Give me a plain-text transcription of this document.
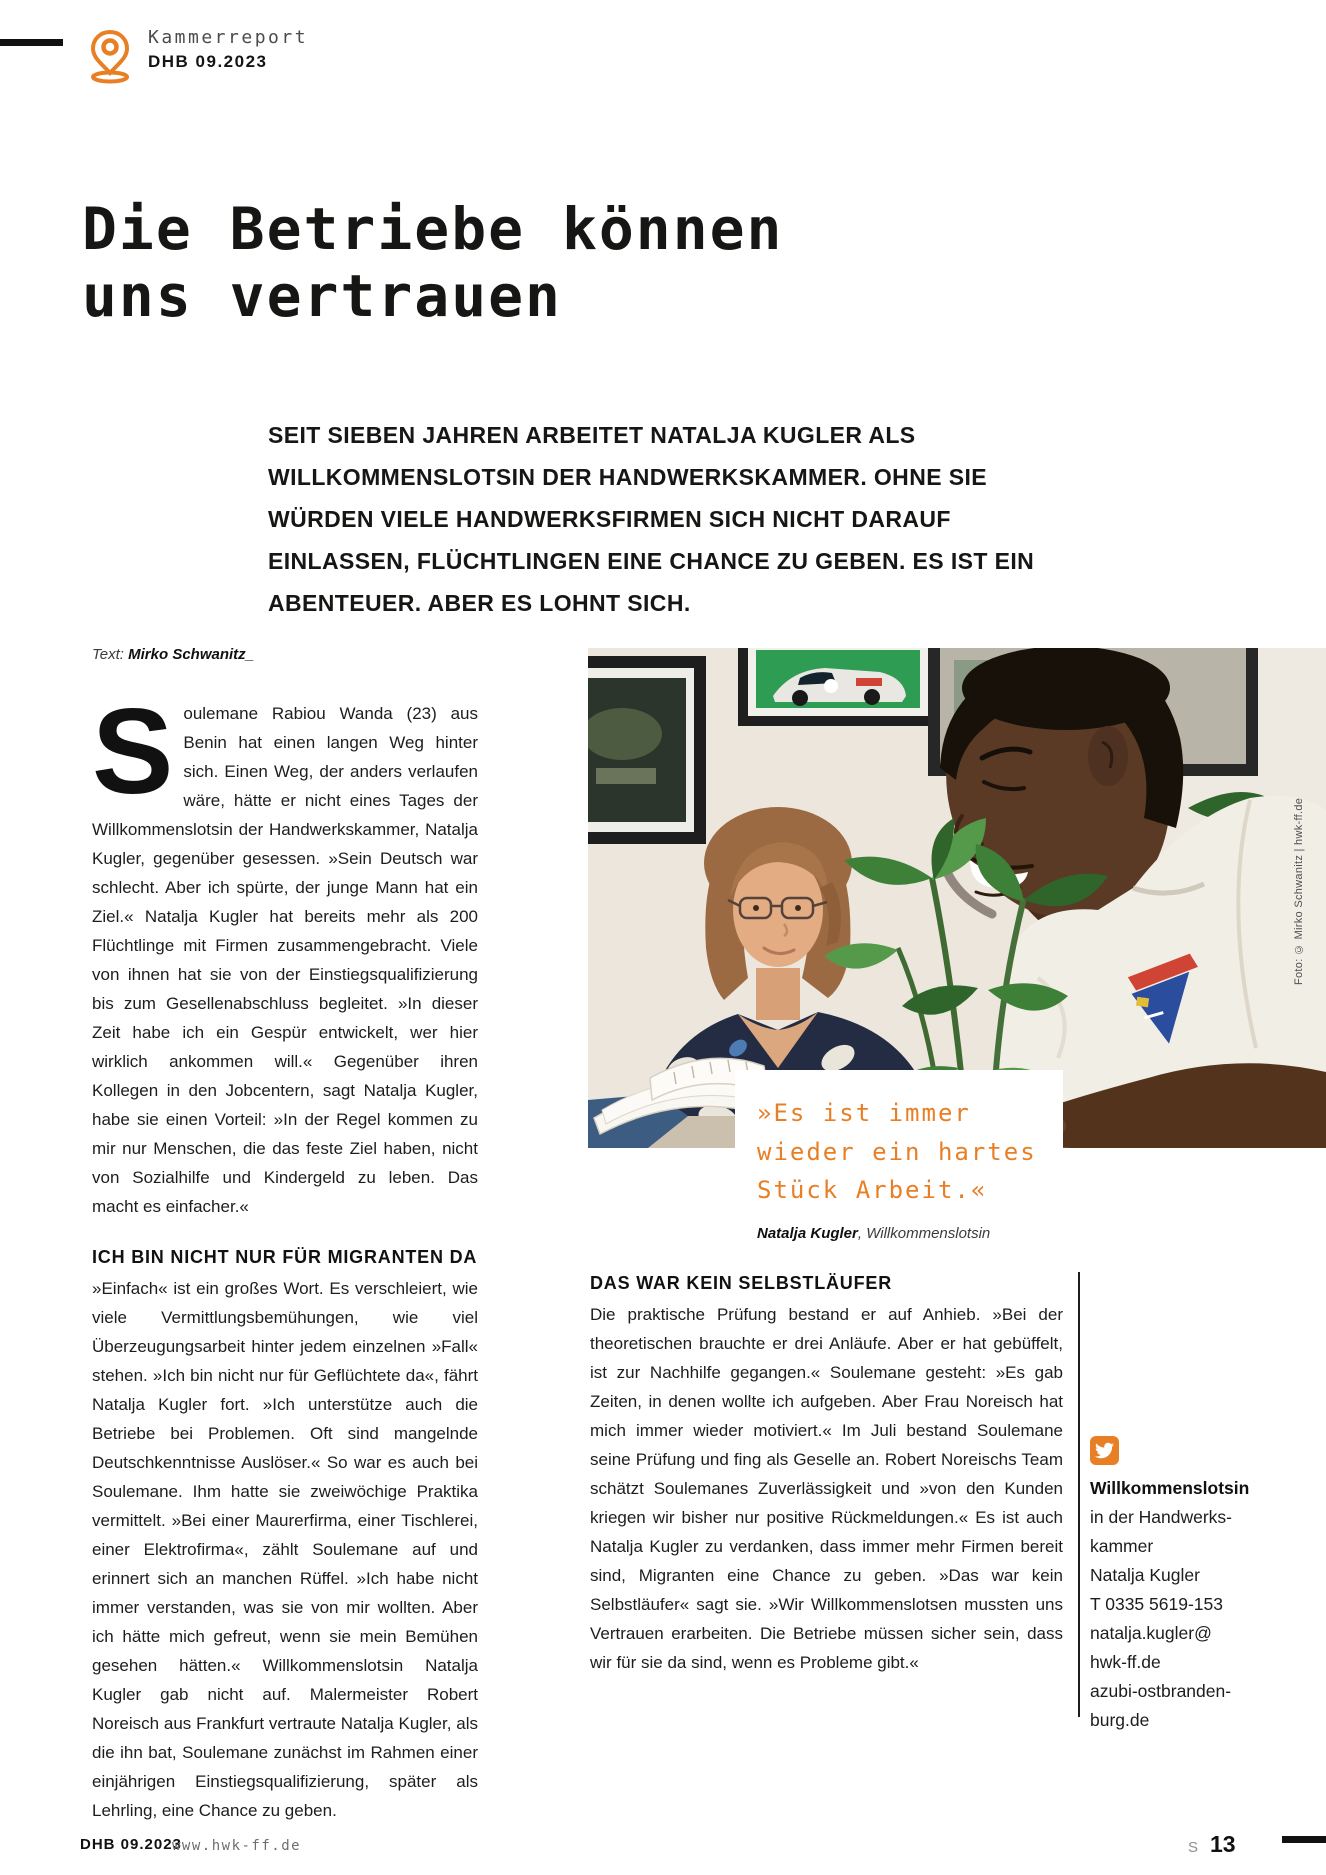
Kammerreport
DHB 09.2023
Die Betriebe können
uns vertrauen
SEIT SIEBEN JAHREN ARBEITET NATALJA KUGLER ALS WILLKOMMENSLOTSIN DER HANDWERKSKAMMER. OHNE SIE WÜRDEN VIELE HANDWERKSFIRMEN SICH NICHT DARAUF EINLASSEN, FLÜCHTLINGEN EINE CHANCE ZU GEBEN. ES IST EIN ABENTEUER. ABER ES LOHNT SICH.
Text: Mirko Schwanitz_

Soulemane Rabiou Wanda (23) aus Benin hat einen langen Weg hinter sich. Einen Weg, der anders verlaufen wäre, hätte er nicht eines Tages der Willkommenslotsin der Handwerkskammer, Natalja Kugler, gegenüber gesessen. »Sein Deutsch war schlecht. Aber ich spürte, der junge Mann hat ein Ziel.« Natalja Kugler hat bereits mehr als 200 Flüchtlinge mit Firmen zusammengebracht. Viele von ihnen hat sie von der Einstiegsqualifizierung bis zum Gesellenabschluss begleitet. »In dieser Zeit habe ich ein Gespür entwickelt, wer hier wirklich ankommen will.« Gegenüber ihren Kollegen in den Jobcentern, sagt Natalja Kugler, habe sie einen Vorteil: »In der Regel kommen zu mir nur Menschen, die das feste Ziel haben, nicht von Sozialhilfe und Kindergeld zu leben. Das macht es einfacher.«

ICH BIN NICHT NUR FÜR MIGRANTEN DA

»Einfach« ist ein großes Wort. Es verschleiert, wie viele Vermittlungsbemühungen, wie viel Überzeugungsarbeit hinter jedem einzelnen »Fall« stehen. »Ich bin nicht nur für Geflüchtete da«, fährt Natalja Kugler fort. »Ich unterstütze auch die Betriebe bei Problemen. Oft sind mangelnde Deutschkenntnisse Auslöser.« So war es auch bei Soulemane. Ihm hatte sie zweiwöchige Praktika vermittelt. »Bei einer Maurerfirma, einer Tischlerei, einer Elektrofirma«, zählt Soulemane auf und erinnert sich an manchen Rüffel. »Ich habe nicht immer verstanden, was sie von mir wollten. Aber ich hätte mich gefreut, wenn sie mein Bemühen gesehen hätten.« Willkommenslotsin Natalja Kugler gab nicht auf. Malermeister Robert Noreisch aus Frankfurt vertraute Natalja Kugler, als die ihn bat, Soulemane zunächst im Rahmen einer einjährigen Einstiegsqualifizierung, später als Lehrling, eine Chance zu geben.

Foto: © Mirko Schwanitz | hwk-ff.de
»Es ist immer
wieder ein hartes
Stück Arbeit.«
Natalja Kugler, Willkommenslotsin
DAS WAR KEIN SELBSTLÄUFER

Die praktische Prüfung bestand er auf Anhieb. »Bei der theoretischen brauchte er drei Anläufe. Aber er hat gebüffelt, ist zur Nachhilfe gegangen.« Soulemane gesteht: »Es gab Zeiten, in denen wollte ich aufgeben. Aber Frau Noreisch hat mich immer wieder motiviert.« Im Juli bestand Soulemane seine Prüfung und fing als Geselle an. Robert Noreischs Team schätzt Soulemanes Zuverlässigkeit und »von den Kunden kriegen wir bisher nur positive Rückmeldungen.« Es ist auch Natalja Kugler zu verdanken, dass immer mehr Firmen bereit sind, Migranten eine Chance zu geben. »Das war kein Selbstläufer« sagt sie. »Wir Willkommenslotsen mussten uns Vertrauen erarbeiten. Die Betriebe müssen sicher sein, dass wir für sie da sind, wenn es Probleme gibt.«

Willkommenslotsin
in der Handwerks-
kammer
Natalja Kugler
T 0335 5619-153
natalja.kugler@
hwk-ff.de
azubi-ostbranden-
burg.de
DHB 09.2023
www.hwk-ff.de	S 13
